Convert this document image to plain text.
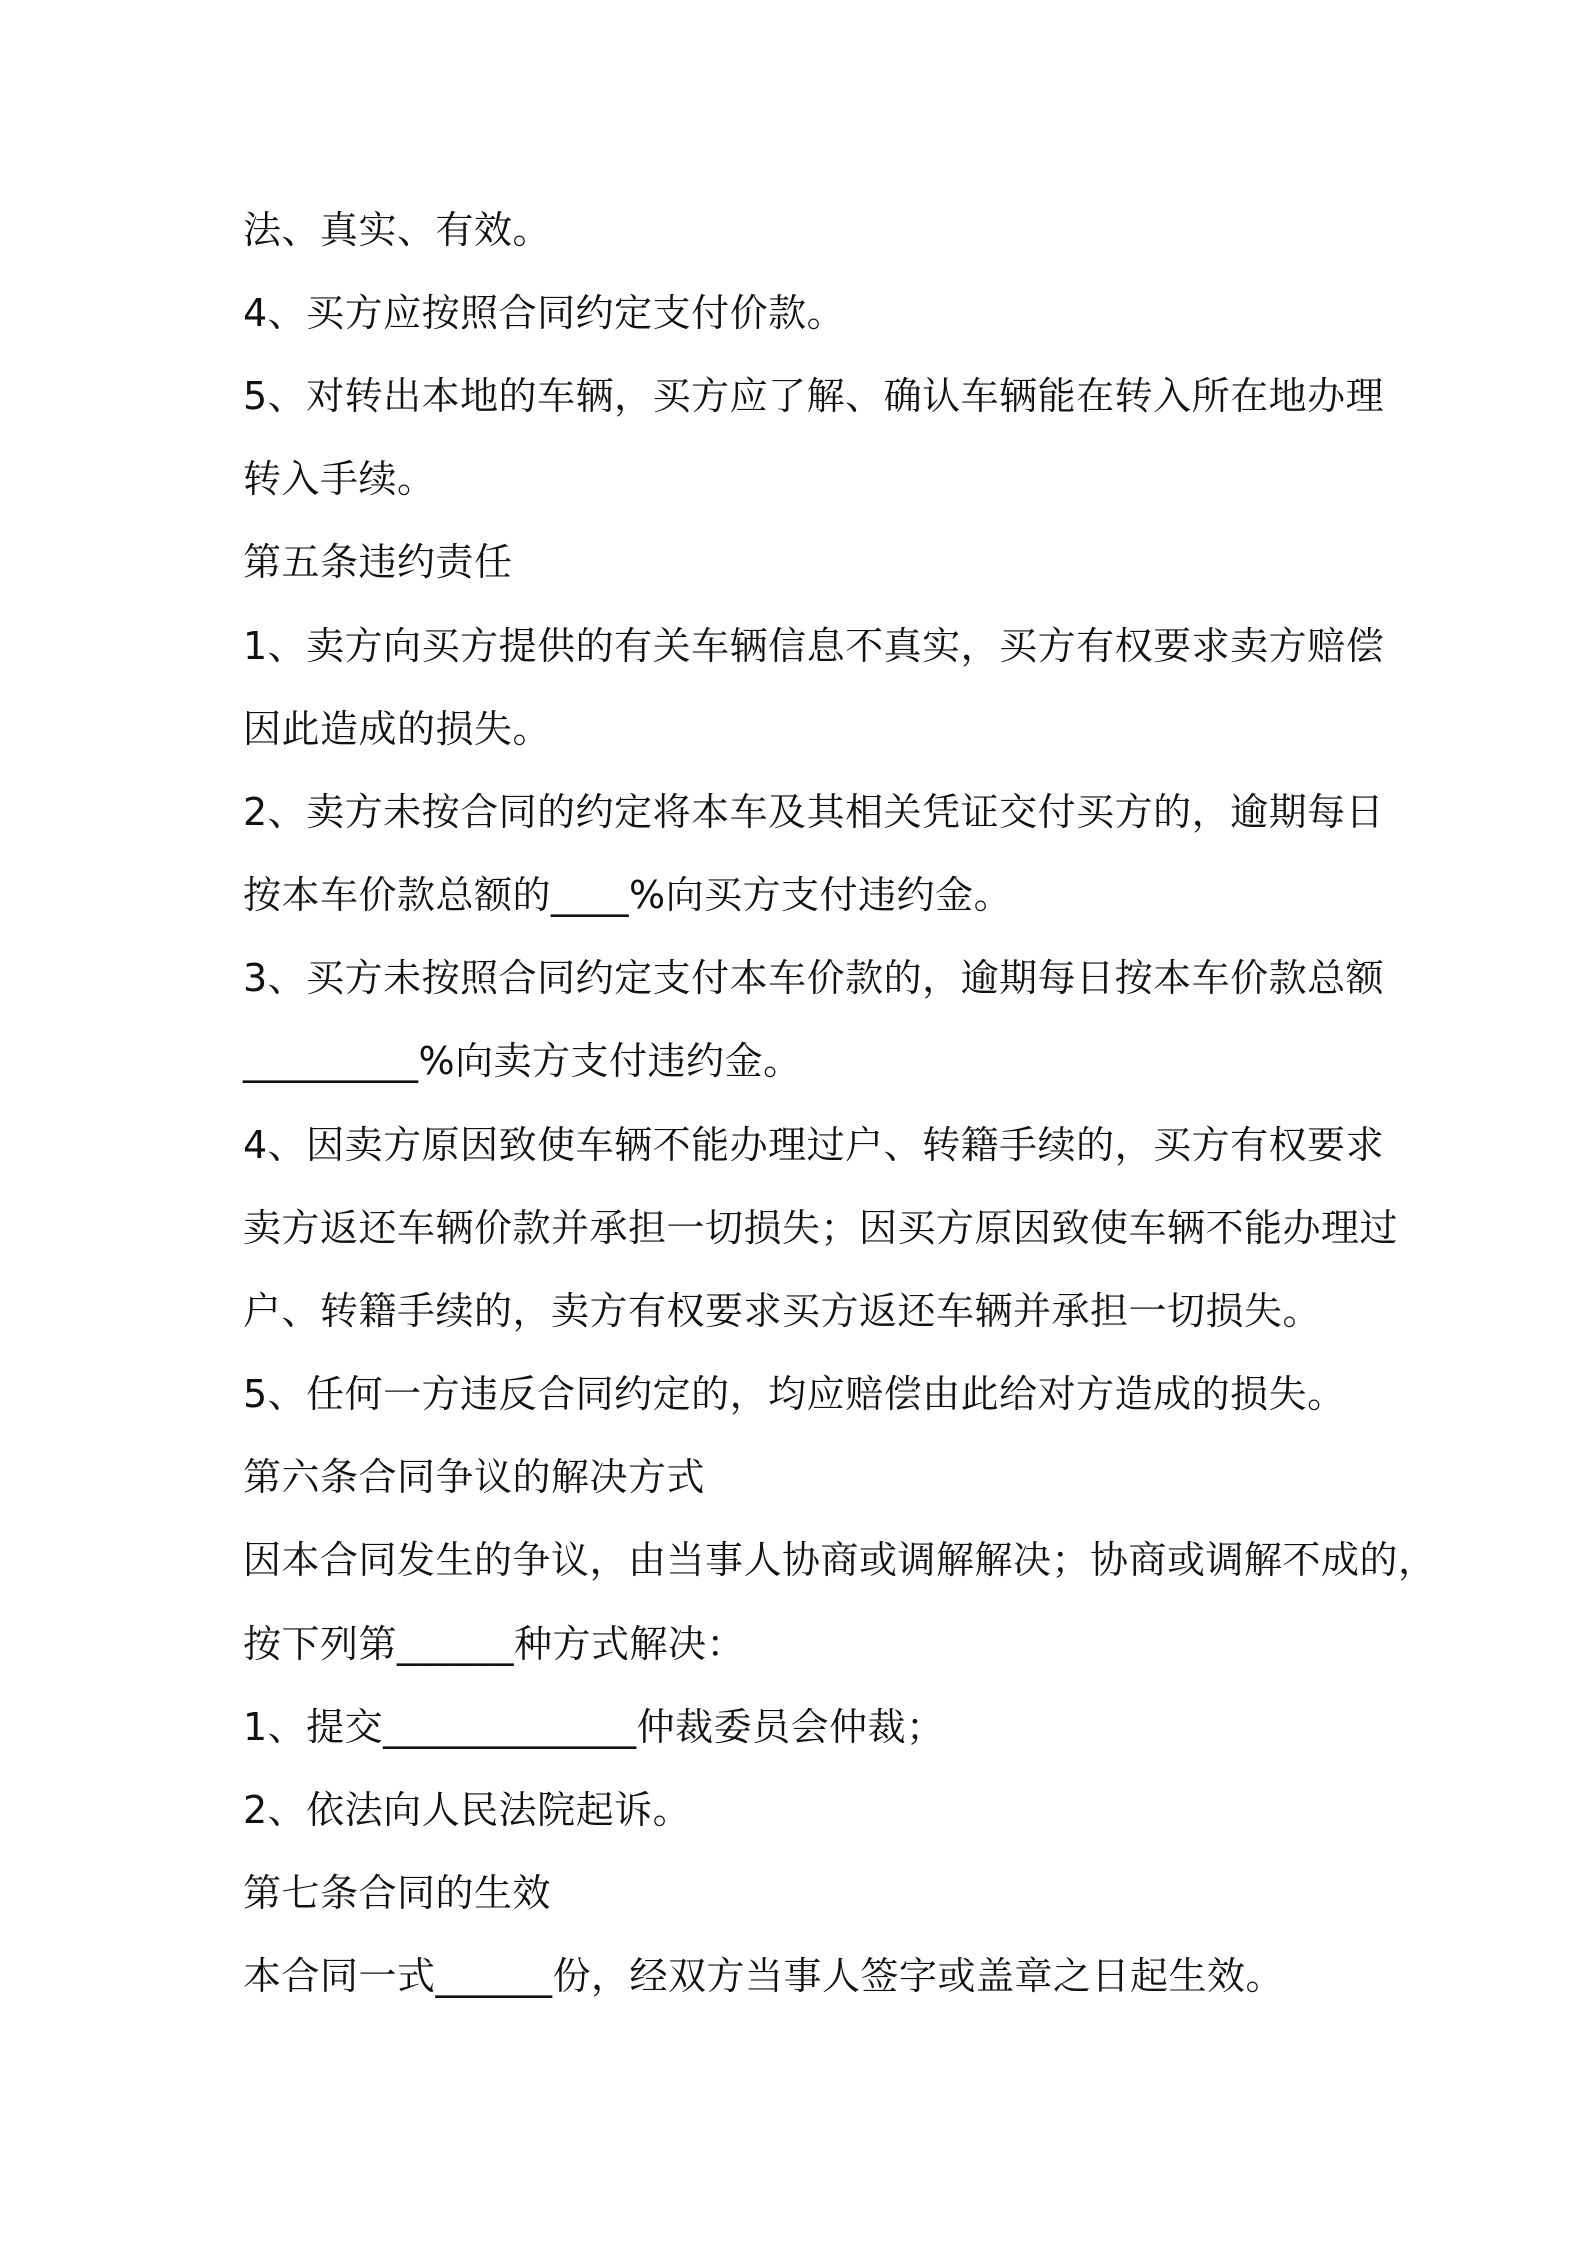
法、真实、有效。
4、买方应按照合同约定支付价款。
5、对转出本地的车辆，买方应了解、确认车辆能在转入所在地办理
转入手续。
第五条违约责任
1、卖方向买方提供的有关车辆信息不真实，买方有权要求卖方赔偿
因此造成的损失。
2、卖方未按合同的约定将本车及其相关凭证交付买方的，逾期每日
按本车价款总额的____%向买方支付违约金。
3、买方未按照合同约定支付本车价款的，逾期每日按本车价款总额
_________%向卖方支付违约金。
4、因卖方原因致使车辆不能办理过户、转籍手续的，买方有权要求
卖方返还车辆价款并承担一切损失；因买方原因致使车辆不能办理过
户、转籍手续的，卖方有权要求买方返还车辆并承担一切损失。
5、任何一方违反合同约定的，均应赔偿由此给对方造成的损失。
第六条合同争议的解决方式
因本合同发生的争议，由当事人协商或调解解决；协商或调解不成的，
按下列第______种方式解决：
1、提交_____________仲裁委员会仲裁；
2、依法向人民法院起诉。
第七条合同的生效
本合同一式______份，经双方当事人签字或盖章之日起生效。
